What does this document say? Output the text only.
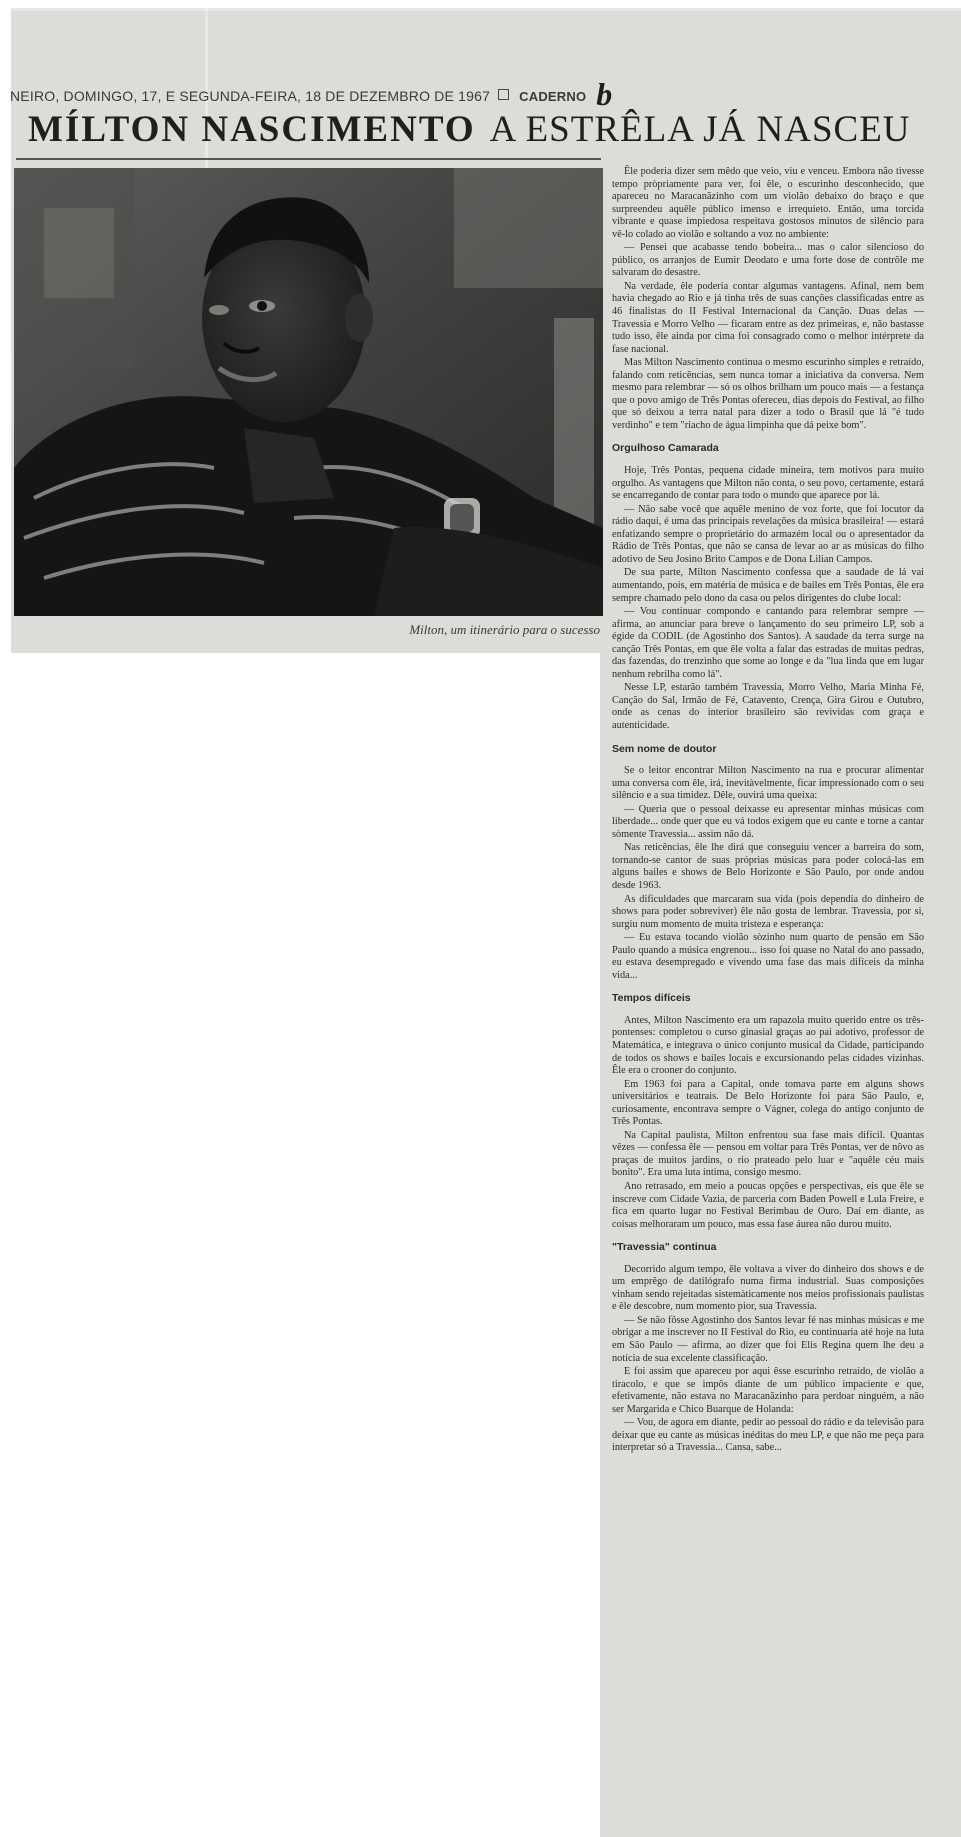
NEIRO, DOMINGO, 17, E SEGUNDA-FEIRA, 18 DE DEZEMBRO DE 1967 CADERNO b
MÍLTON NASCIMENTO A ESTRÊLA JÁ NASCEU
Milton, um itinerário para o sucesso

Êle poderia dizer sem mêdo que veio, viu e venceu. Embora não tivesse tempo pròpriamente para ver, foi êle, o escurinho desconhecido, que apareceu no Maracanãzinho com um violão debaixo do braço e que surpreendeu aquêle público imenso e irrequieto. Então, uma torcida vibrante e quase impiedosa respeitava gostosos minutos de silêncio para vê-lo colado ao violão e soltando a voz no ambiente:

— Pensei que acabasse tendo bobeira... mas o calor silencioso do público, os arranjos de Eumir Deodato e uma forte dose de contrôle me salvaram do desastre.

Na verdade, êle poderia contar algumas vantagens. Afinal, nem bem havia chegado ao Rio e já tinha três de suas canções classificadas entre as 46 finalistas do II Festival Internacional da Canção. Duas delas — Travessia e Morro Velho — ficaram entre as dez primeiras, e, não bastasse tudo isso, êle ainda por cima foi consagrado como o melhor intérprete da fase nacional.

Mas Milton Nascimento continua o mesmo escurinho simples e retraído, falando com reticências, sem nunca tomar a iniciativa da conversa. Nem mesmo para relembrar — só os olhos brilham um pouco mais — a festança que o povo amigo de Três Pontas ofereceu, dias depois do Festival, ao filho que só deixou a terra natal para dizer a todo o Brasil que lá "é tudo verdinho" e tem "riacho de água limpinha que dá peixe bom".

Orgulhoso Camarada

Hoje, Três Pontas, pequena cidade mineira, tem motivos para muito orgulho. As vantagens que Milton não conta, o seu povo, certamente, estará se encarregando de contar para todo o mundo que aparece por lá.

— Não sabe você que aquêle menino de voz forte, que foi locutor da rádio daqui, é uma das principais revelações da música brasileira! — estará enfatizando sempre o proprietário do armazém local ou o apresentador da Rádio de Três Pontas, que não se cansa de levar ao ar as músicas do filho adotivo de Seu Josino Brito Campos e de Dona Lilian Campos.

De sua parte, Milton Nascimento confessa que a saudade de lá vai aumentando, pois, em matéria de música e de bailes em Três Pontas, êle era sempre chamado pelo dono da casa ou pelos dirigentes do clube local:

— Vou continuar compondo e cantando para relembrar sempre — afirma, ao anunciar para breve o lançamento do seu primeiro LP, sob a égide da CODIL (de Agostinho dos Santos). A saudade da terra surge na canção Três Pontas, em que êle volta a falar das estradas de muitas pedras, das fazendas, do trenzinho que some ao longe e da "lua linda que em lugar nenhum rebrilha como lá".

Nesse LP, estarão também Travessia, Morro Velho, Maria Minha Fé, Canção do Sal, Irmão de Fé, Catavento, Crença, Gira Girou e Outubro, onde as cenas do interior brasileiro são revividas com graça e autenticidade.

Sem nome de doutor

Se o leitor encontrar Milton Nascimento na rua e procurar alimentar uma conversa com êle, irá, inevitàvelmente, ficar impressionado com o seu silêncio e a sua timidez. Dêle, ouvirá uma queixa:

— Queria que o pessoal deixasse eu apresentar minhas músicas com liberdade... onde quer que eu vá todos exigem que eu cante e torne a cantar sòmente Travessia... assim não dá.

Nas reticências, êle lhe dirá que conseguiu vencer a barreira do som, tornando-se cantor de suas próprias músicas para poder colocá-las em alguns bailes e shows de Belo Horizonte e São Paulo, por onde andou desde 1963.

As dificuldades que marcaram sua vida (pois dependia do dinheiro de shows para poder sobreviver) êle não gosta de lembrar. Travessia, por si, surgiu num momento de muita tristeza e esperança:

— Eu estava tocando violão sòzinho num quarto de pensão em São Paulo quando a música engrenou... isso foi quase no Natal do ano passado, eu estava desempregado e vivendo uma fase das mais difíceis da minha vida...

Tempos difíceis

Antes, Milton Nascimento era um rapazola muito querido entre os três-pontenses: completou o curso ginasial graças ao pai adotivo, professor de Matemática, e integrava o único conjunto musical da Cidade, participando de todos os shows e bailes locais e excursionando pelas cidades vizinhas. Êle era o crooner do conjunto.

Em 1963 foi para a Capital, onde tomava parte em alguns shows universitários e teatrais. De Belo Horizonte foi para São Paulo, e, curiosamente, encontrava sempre o Vágner, colega do antigo conjunto de Três Pontas.

Na Capital paulista, Milton enfrentou sua fase mais difícil. Quantas vêzes — confessa êle — pensou em voltar para Três Pontas, ver de nôvo as praças de muitos jardins, o rio prateado pelo luar e "aquêle céu mais bonito". Era uma luta íntima, consigo mesmo.

Ano retrasado, em meio a poucas opções e perspectivas, eis que êle se inscreve com Cidade Vazia, de parceria com Baden Powell e Lula Freire, e fica em quarto lugar no Festival Berimbau de Ouro. Daí em diante, as coisas melhoraram um pouco, mas essa fase áurea não durou muito.

"Travessia" continua

Decorrido algum tempo, êle voltava a viver do dinheiro dos shows e de um emprêgo de datilógrafo numa firma industrial. Suas composições vinham sendo rejeitadas sistemàticamente nos meios profissionais paulistas e êle descobre, num momento pior, sua Travessia.

— Se não fôsse Agostinho dos Santos levar fé nas minhas músicas e me obrigar a me inscrever no II Festival do Rio, eu continuaria até hoje na luta em São Paulo — afirma, ao dizer que foi Elis Regina quem lhe deu a notícia de sua excelente classificação.

E foi assim que apareceu por aqui êsse escurinho retraído, de violão a tiracolo, e que se impôs diante de um público impaciente e que, efetivamente, não estava no Maracanãzinho para perdoar ninguém, a não ser Margarida e Chico Buarque de Holanda:

— Vou, de agora em diante, pedir ao pessoal do rádio e da televisão para deixar que eu cante as músicas inéditas do meu LP, e que não me peça para interpretar só a Travessia... Cansa, sabe...
